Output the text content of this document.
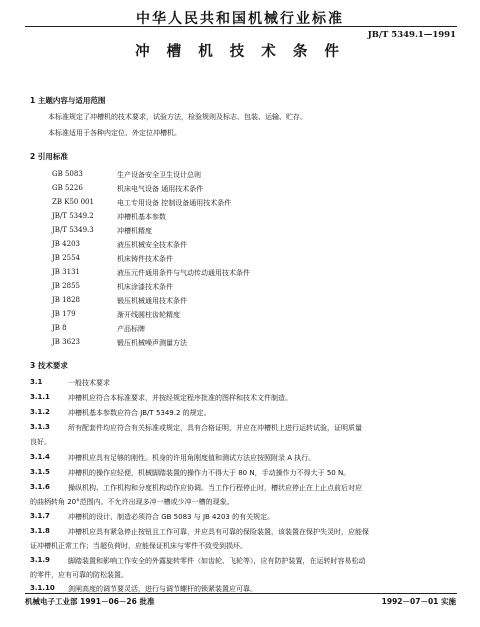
中华人民共和国机械行业标准
JB/T 5349.1—1991
冲 槽 机 技 术 条 件
1 主题内容与适用范围
本标准规定了冲槽机的技术要求，试验方法，检验规则及标志、包装、运输、贮存。
本标准适用于各种内定位、外定位冲槽机。
2 引用标准
GB 5083	生产设备安全卫生设计总则
GB 5226	机床电气设备 通用技术条件
ZB K50 001	电工专用设备 控制设备通用技术条件
JB/T 5349.2	冲槽机基本参数
JB/T 5349.3	冲槽机精度
JB 4203	液压机械安全技术条件
JB 2554	机床铸件技术条件
JB 3131	液压元件通用条件与气动传动通用技术条件
JB 2855	机床涂漆技术条件
JB 1828	锻压机械通用技术条件
JB 179	渐开线圆柱齿轮精度
JB 8	产品标牌
JB 3623	锻压机械噪声测量方法
3 技术要求
3.1	一般技术要求
3.1.1	冲槽机应符合本标准要求，并按经规定程序批准的图样和技术文件制造。
3.1.2	冲槽机基本参数应符合 JB/T 5349.2 的规定。
3.1.3	所有配套件均应符合有关标准或规定，具有合格证明，并应在冲槽机上进行运转试验，证明质量
良好。
3.1.4	冲槽机应具有足够的刚性。机身的许用角刚度值和测试方法应按照附录 A 执行。
3.1.5	冲槽机的操作应轻便，机械脚踏装置的操作力不得大于 80 N，手动操作力不得大于 50 N。
3.1.6	操纵机构、工作机构和分度机构动作应协调。当工作行程停止时，槽状应停止在上止点前后对应
的曲柄转角 20°范围内。不允许出现多冲一槽或少冲一槽的现象。
3.1.7	冲槽机的设计、制造必须符合 GB 5083 与 JB 4203 的有关规定。
3.1.8	冲槽机应具有紧急停止按钮且工作可靠，并应具有可靠的保险装置，该装置在保护失灵时，应能保
证冲槽机正常工作；当超负荷时，应能保证机床与零件不致受到损坏。
3.1.9	脚踏装置和影响工作安全的外露旋转零件（如齿轮、飞轮等），应有防护装置，在运转时容易松动
的零件，应有可靠的防松装置。
3.1.10 剑闸高度的调节要灵活，进行与调节螺杆的锁紧装置应可靠。
机械电子工业部 1991－06－26 批准	1992－07－01 实施
